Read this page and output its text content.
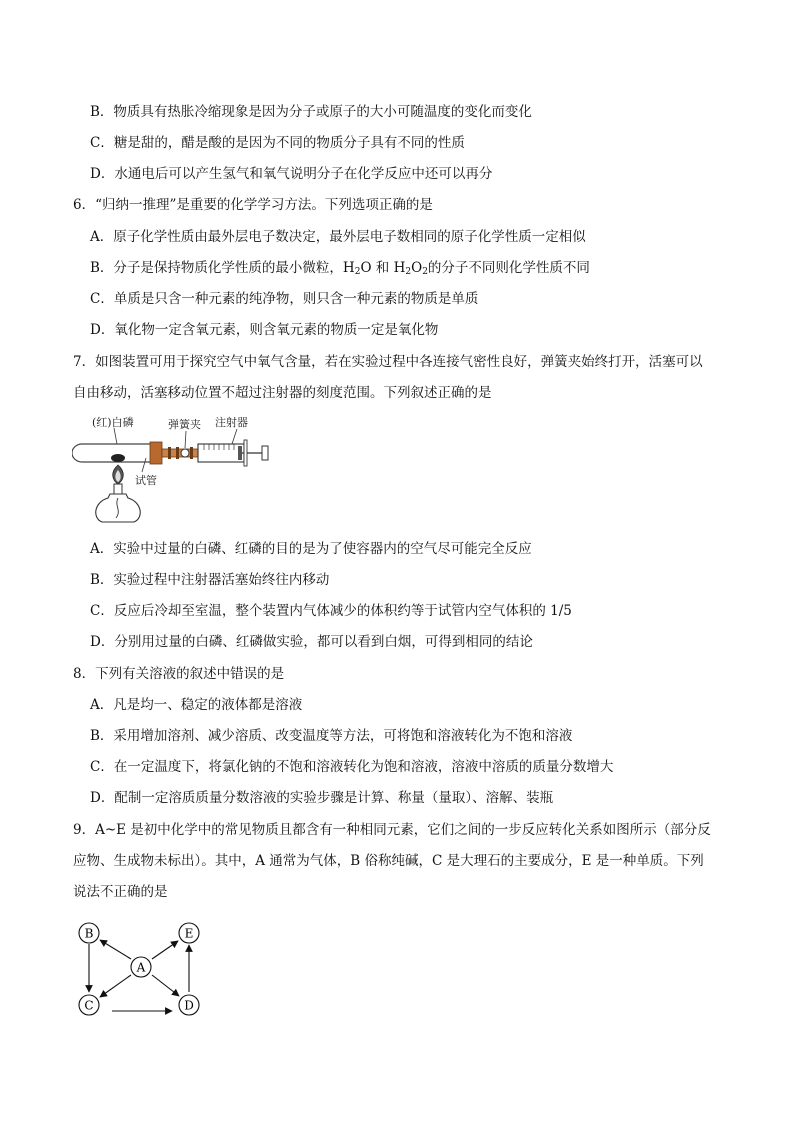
B．物质具有热胀冷缩现象是因为分子或原子的大小可随温度的变化而变化
C．糖是甜的，醋是酸的是因为不同的物质分子具有不同的性质
D．水通电后可以产生氢气和氧气说明分子在化学反应中还可以再分
6．“归纳一推理”是重要的化学学习方法。下列选项正确的是
A．原子化学性质由最外层电子数决定，最外层电子数相同的原子化学性质一定相似
B．分子是保持物质化学性质的最小微粒，$H_2O$ 和 $H_2O_2$的分子不同则化学性质不同
C．单质是只含一种元素的纯净物，则只含一种元素的物质是单质
D．氧化物一定含氧元素，则含氧元素的物质一定是氧化物
7．如图装置可用于探究空气中氧气含量，若在实验过程中各连接气密性良好，弹簧夹始终打开，活塞可以
自由移动，活塞移动位置不超过注射器的刻度范围。下列叙述正确的是
(红)白磷	弹簧夹 注射器
试管
A．实验中过量的白磷、红磷的目的是为了使容器内的空气尽可能完全反应
B．实验过程中注射器活塞始终往内移动
C．反应后冷却至室温，整个装置内气体减少的体积约等于试管内空气体积的 1/5
D．分别用过量的白磷、红磷做实验，都可以看到白烟，可得到相同的结论
8．下列有关溶液的叙述中错误的是
A．凡是均一、稳定的液体都是溶液
B．采用增加溶剂、减少溶质、改变温度等方法，可将饱和溶液转化为不饱和溶液
C．在一定温度下，将氯化钠的不饱和溶液转化为饱和溶液，溶液中溶质的质量分数增大
D．配制一定溶质质量分数溶液的实验步骤是计算、称量（量取）、溶解、装瓶
9．A~E 是初中化学中的常见物质且都含有一种相同元素，它们之间的一步反应转化关系如图所示（部分反
应物、生成物未标出）。其中，A 通常为气体，B 俗称纯碱，C 是大理石的主要成分，E 是一种单质。下列
说法不正确的是
B	E
A
C	D
